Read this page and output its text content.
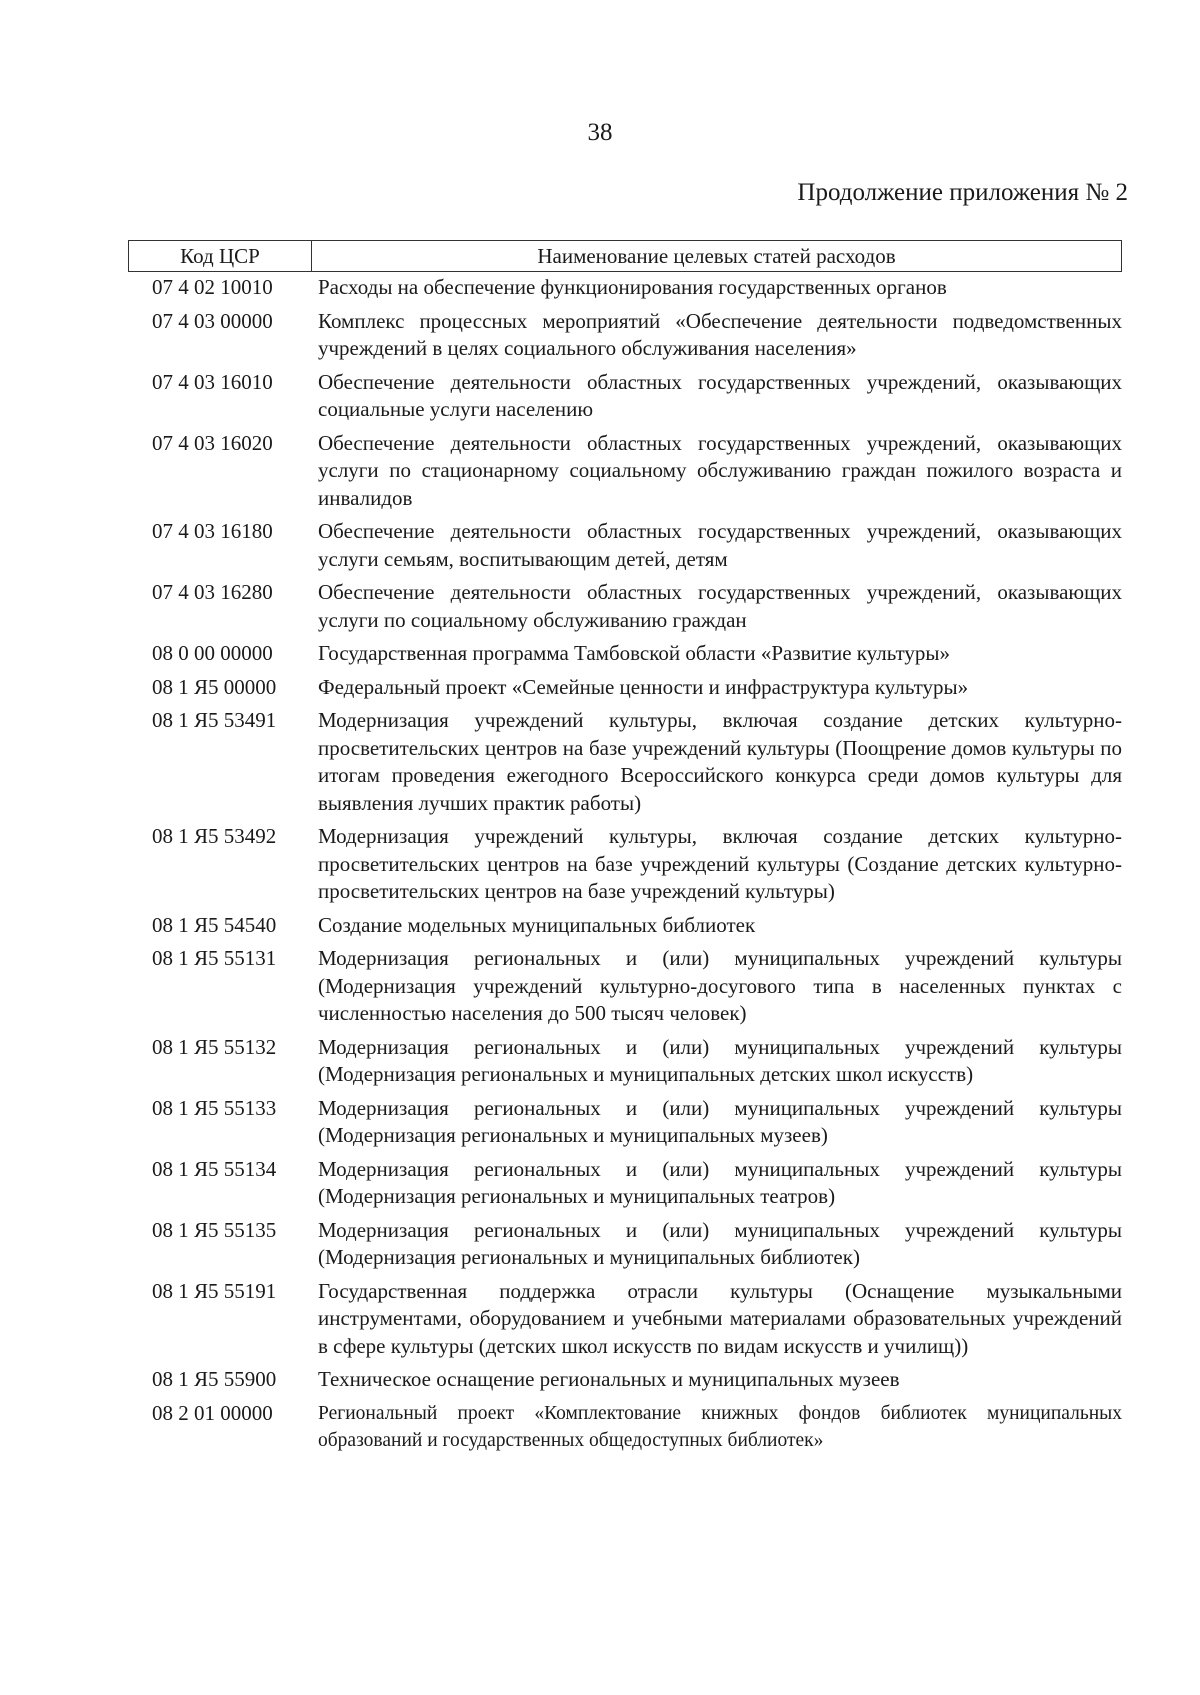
38
Продолжение приложения № 2
Код ЦСР	Наименование целевых статей расходов
07 4 02 10010	Расходы на обеспечение функционирования государственных органов
07 4 03 00000	Комплекс процессных мероприятий «Обеспечение деятельности подведомственных учреждений в целях социального обслуживания населения»
07 4 03 16010	Обеспечение деятельности областных государственных учреждений, оказывающих социальные услуги населению
07 4 03 16020	Обеспечение деятельности областных государственных учреждений, оказывающих услуги по стационарному социальному обслуживанию граждан пожилого возраста и инвалидов
07 4 03 16180	Обеспечение деятельности областных государственных учреждений, оказывающих услуги семьям, воспитывающим детей, детям
07 4 03 16280	Обеспечение деятельности областных государственных учреждений, оказывающих услуги по социальному обслуживанию граждан
08 0 00 00000	Государственная программа Тамбовской области «Развитие культуры»
08 1 Я5 00000	Федеральный проект «Семейные ценности и инфраструктура культуры»
08 1 Я5 53491	Модернизация учреждений культуры, включая создание детских культурно-просветительских центров на базе учреждений культуры (Поощрение домов культуры по итогам проведения ежегодного Всероссийского конкурса среди домов культуры для выявления лучших практик работы)
08 1 Я5 53492	Модернизация учреждений культуры, включая создание детских культурно-просветительских центров на базе учреждений культуры (Создание детских культурно-просветительских центров на базе учреждений культуры)
08 1 Я5 54540	Создание модельных муниципальных библиотек
08 1 Я5 55131	Модернизация региональных и (или) муниципальных учреждений культуры (Модернизация учреждений культурно-досугового типа в населенных пунктах с численностью населения до 500 тысяч человек)
08 1 Я5 55132	Модернизация региональных и (или) муниципальных учреждений культуры (Модернизация региональных и муниципальных детских школ искусств)
08 1 Я5 55133	Модернизация региональных и (или) муниципальных учреждений культуры (Модернизация региональных и муниципальных музеев)
08 1 Я5 55134	Модернизация региональных и (или) муниципальных учреждений культуры (Модернизация региональных и муниципальных театров)
08 1 Я5 55135	Модернизация региональных и (или) муниципальных учреждений культуры (Модернизация региональных и муниципальных библиотек)
08 1 Я5 55191	Государственная поддержка отрасли культуры (Оснащение музыкальными инструментами, оборудованием и учебными материалами образовательных учреждений в сфере культуры (детских школ искусств по видам искусств и училищ))
08 1 Я5 55900	Техническое оснащение региональных и муниципальных музеев
08 2 01 00000	Региональный проект «Комплектование книжных фондов библиотек муниципальных образований и государственных общедоступных библиотек»
